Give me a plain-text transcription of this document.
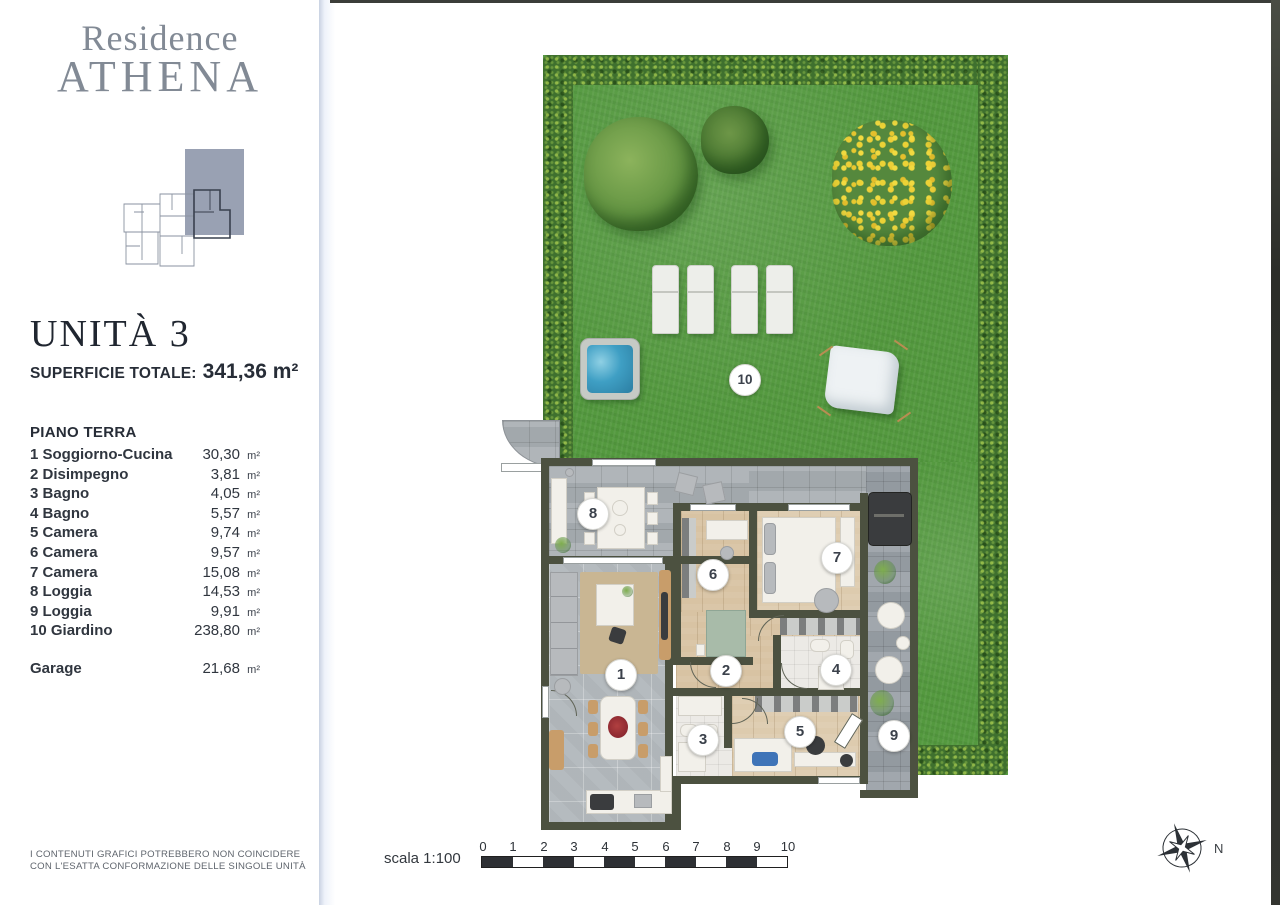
Residence
ATHENA
UNITÀ 3
SUPERFICIE TOTALE: 341,36 m²
PIANO TERRA
1 Soggiorno-Cucina	30,30 m²
2 Disimpegno	3,81 m²
3 Bagno	4,05 m²
4 Bagno	5,57 m²
5 Camera	9,74 m²
6 Camera	9,57 m²
7 Camera	15,08 m²
8 Loggia	14,53 m²
9 Loggia	9,91 m²
10 Giardino	238,80 m²
Garage	21,68 m²
I CONTENUTI GRAFICI POTREBBERO NON COINCIDERE
CON L'ESATTA CONFORMAZIONE DELLE SINGOLE UNITÀ
1	2
3
4
5
6
7
8
9
10
scala 1:100
0	1	2	3	4	5	6	7	8	9	10	N
